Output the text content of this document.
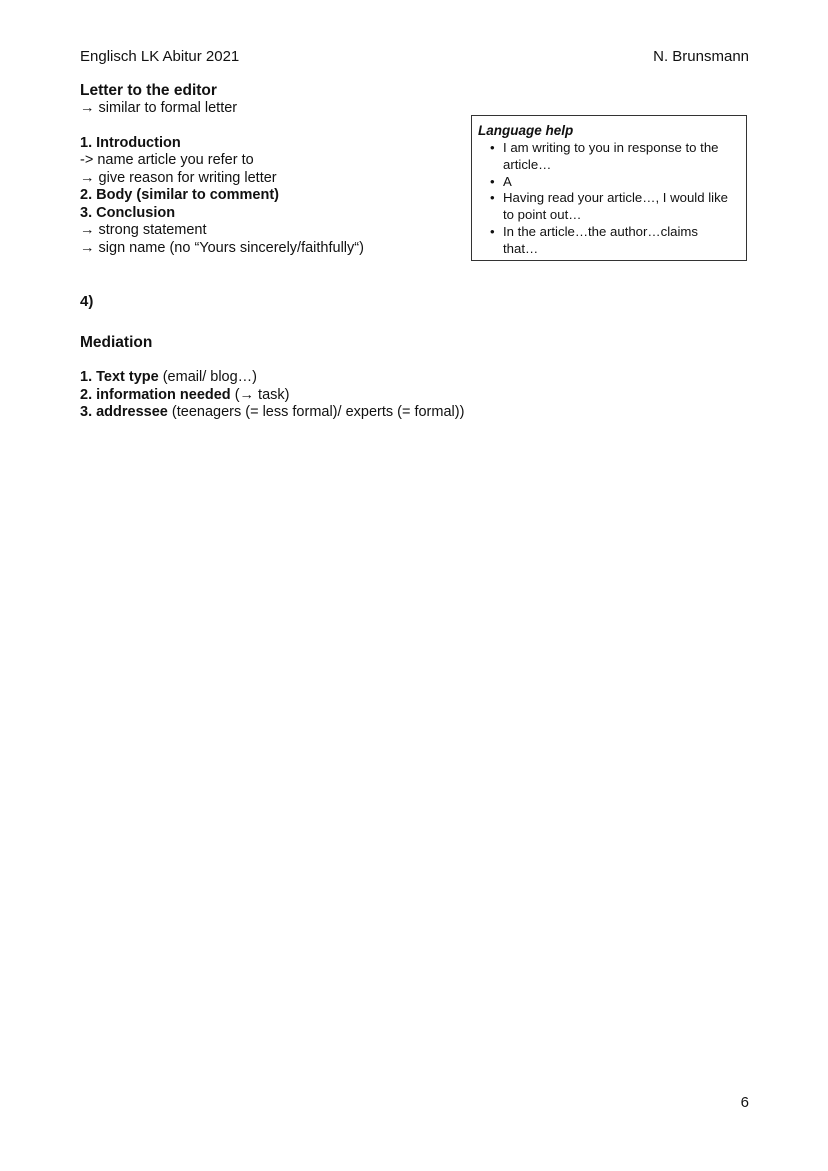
Englisch LK Abitur 2021	N. Brunsmann
Letter to the editor
→ similar to formal letter
1. Introduction
-> name article you refer to
→ give reason for writing letter
2. Body (similar to comment)
3. Conclusion
→ strong statement
→ sign name (no “Yours sincerely/faithfully“)
Language help
• I am writing to you in response to the
article…
• A
• Having read your article…, I would like
to point out…
• In the article…the author…claims
that…
4)
Mediation
1. Text type (email/ blog…)
2. information needed (→ task)
3. addressee (teenagers (= less formal)/ experts (= formal))
6
